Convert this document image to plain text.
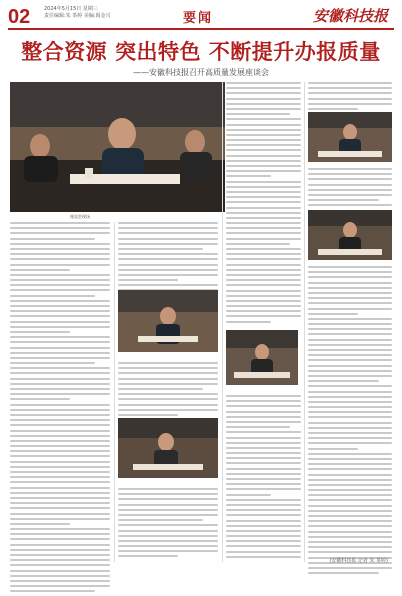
02	2024年5月15日 星期三
责任编辑:朱 茶婷 美编:阎金兴	要闻	安徽科技报
整合资源 突出特色 不断提升办报质量
——安徽科技报召开高质量发展座谈会
座谈会现场
(安徽科技报 记者 朱 茶婷)
